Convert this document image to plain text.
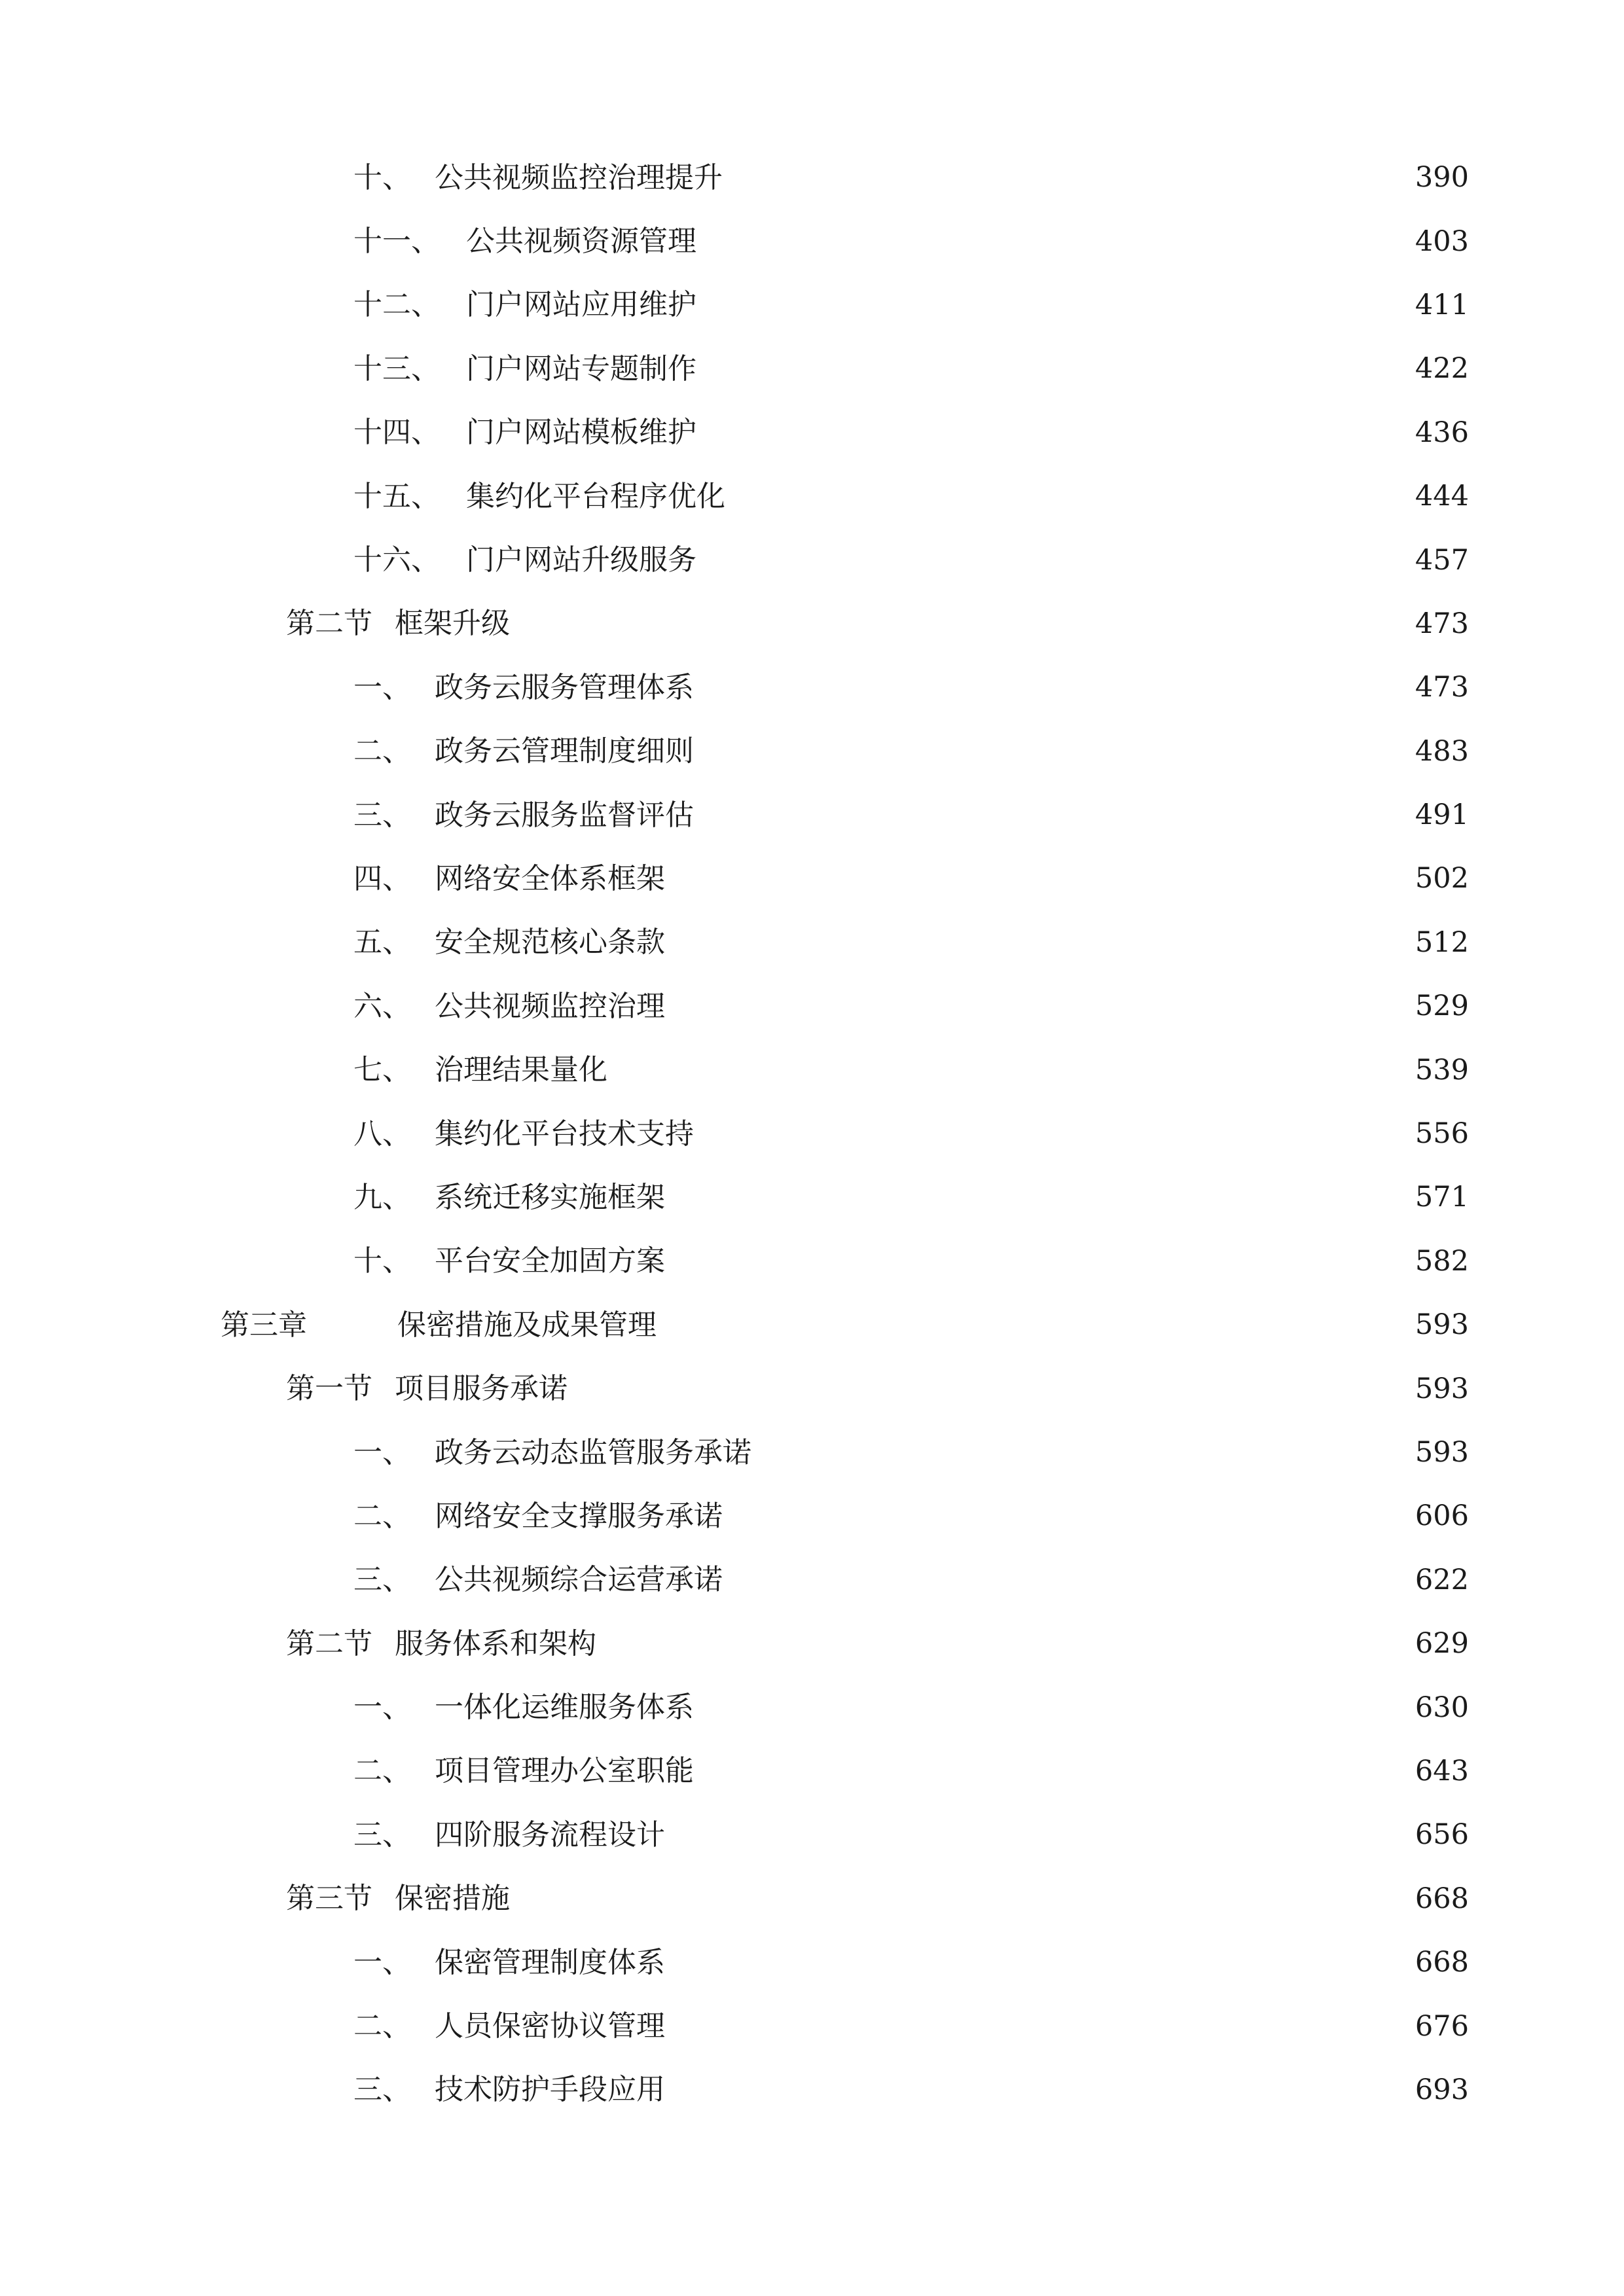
十、 公共视频监控治理提升	390
十一、 公共视频资源管理	403
十二、 门户网站应用维护	411
十三、 门户网站专题制作	422
十四、 门户网站模板维护	436
十五、 集约化平台程序优化	444
十六、 门户网站升级服务	457
第二节 框架升级	473
一、 政务云服务管理体系	473
二、 政务云管理制度细则	483
三、 政务云服务监督评估	491
四、 网络安全体系框架	502
五、 安全规范核心条款	512
六、 公共视频监控治理	529
七、 治理结果量化	539
八、 集约化平台技术支持	556
九、 系统迁移实施框架	571
十、 平台安全加固方案	582
第三章	保密措施及成果管理	593
第一节 项目服务承诺	593
一、 政务云动态监管服务承诺	593
二、 网络安全支撑服务承诺	606
三、 公共视频综合运营承诺	622
第二节 服务体系和架构	629
一、 一体化运维服务体系	630
二、 项目管理办公室职能	643
三、 四阶服务流程设计	656
第三节 保密措施	668
一、 保密管理制度体系	668
二、 人员保密协议管理	676
三、 技术防护手段应用	693
